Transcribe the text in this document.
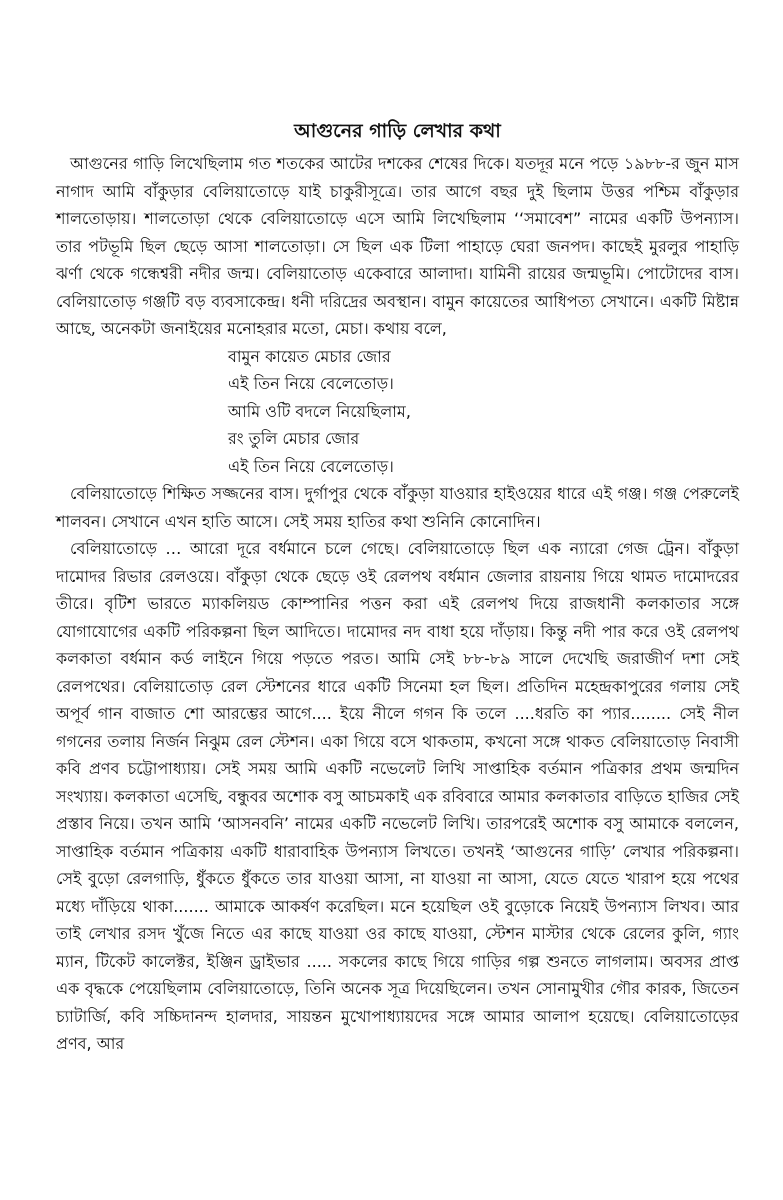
আগুনের গাড়ি লেখার কথা

আগুনের গাড়ি লিখেছিলাম গত শতকের আটের দশকের শেষের দিকে। যতদূর মনে পড়ে ১৯৮৮-র জুন মাস নাগাদ আমি বাঁকুড়ার বেলিয়াতোড়ে যাই চাকুরীসূত্রে। তার আগে বছর দুই ছিলাম উত্তর পশ্চিম বাঁকুড়ার শালতোড়ায়। শালতোড়া থেকে বেলিয়াতোড়ে এসে আমি লিখেছিলাম ‘‘সমাবেশ” নামের একটি উপন্যাস। তার পটভূমি ছিল ছেড়ে আসা শালতোড়া। সে ছিল এক টিলা পাহাড়ে ঘেরা জনপদ। কাছেই মুরলুর পাহাড়ি ঝর্ণা থেকে গন্ধেশ্বরী নদীর জন্ম। বেলিয়াতোড় একেবারে আলাদা। যামিনী রায়ের জন্মভূমি। পোটোদের বাস। বেলিয়াতোড় গঞ্জটি বড় ব্যবসাকেন্দ্র। ধনী দরিদ্রের অবস্থান। বামুন কায়েতের আধিপত্য সেখানে। একটি মিষ্টান্ন আছে, অনেকটা জনাইয়ের মনোহরার মতো, মেচা। কথায় বলে,

বামুন কায়েত মেচার জোর
এই তিন নিয়ে বেলেতোড়।
আমি ওটি বদলে নিয়েছিলাম,
রং তুলি মেচার জোর
এই তিন নিয়ে বেলেতোড়।

বেলিয়াতোড়ে শিক্ষিত সজ্জনের বাস। দুর্গাপুর থেকে বাঁকুড়া যাওয়ার হাইওয়ের ধারে এই গঞ্জ। গঞ্জ পেরুলেই শালবন। সেখানে এখন হাতি আসে। সেই সময় হাতির কথা শুনিনি কোনোদিন।

বেলিয়াতোড়ে … আরো দূরে বর্ধমানে চলে গেছে। বেলিয়াতোড়ে ছিল এক ন্যারো গেজ ট্রেন। বাঁকুড়া দামোদর রিভার রেলওয়ে। বাঁকুড়া থেকে ছেড়ে ওই রেলপথ বর্ধমান জেলার রায়নায় গিয়ে থামত দামোদরের তীরে। বৃটিশ ভারতে ম্যাকলিয়ড কোম্পানির পত্তন করা এই রেলপথ দিয়ে রাজধানী কলকাতার সঙ্গে যোগাযোগের একটি পরিকল্পনা ছিল আদিতে। দামোদর নদ বাধা হয়ে দাঁড়ায়। কিন্তু নদী পার করে ওই রেলপথ কলকাতা বর্ধমান কর্ড লাইনে গিয়ে পড়তে পরত। আমি সেই ৮৮-৮৯ সালে দেখেছি জরাজীর্ণ দশা সেই রেলপথের। বেলিয়াতোড় রেল স্টেশনের ধারে একটি সিনেমা হল ছিল। প্রতিদিন মহেন্দ্রকাপুরের গলায় সেই অপূর্ব গান বাজাত শো আরম্ভের আগে.... ইয়ে নীলে গগন কি তলে ....ধরতি কা প্যার........ সেই নীল গগনের তলায় নির্জন নিঝুম রেল স্টেশন। একা গিয়ে বসে থাকতাম, কখনো সঙ্গে থাকত বেলিয়াতোড় নিবাসী কবি প্রণব চট্টোপাধ্যায়। সেই সময় আমি একটি নভেলেট লিখি সাপ্তাহিক বর্তমান পত্রিকার প্রথম জন্মদিন সংখ্যায়। কলকাতা এসেছি, বন্ধুবর অশোক বসু আচমকাই এক রবিবারে আমার কলকাতার বাড়িতে হাজির সেই প্রস্তাব নিয়ে। তখন আমি ‘আসনবনি’ নামের একটি নভেলেট লিখি। তারপরেই অশোক বসু আমাকে বললেন, সাপ্তাহিক বর্তমান পত্রিকায় একটি ধারাবাহিক উপন্যাস লিখতে। তখনই ‘আগুনের গাড়ি’ লেখার পরিকল্পনা। সেই বুড়ো রেলগাড়ি, ধুঁকতে ধুঁকতে তার যাওয়া আসা, না যাওয়া না আসা, যেতে যেতে খারাপ হয়ে পথের মধ্যে দাঁড়িয়ে থাকা....... আমাকে আকর্ষণ করেছিল। মনে হয়েছিল ওই বুড়োকে নিয়েই উপন্যাস লিখব। আর তাই লেখার রসদ খুঁজে নিতে এর কাছে যাওয়া ওর কাছে যাওয়া, স্টেশন মাস্টার থেকে রেলের কুলি, গ্যাং ম্যান, টিকেট কালেক্টর, ইঞ্জিন ড্রাইভার ..... সকলের কাছে গিয়ে গাড়ির গল্প শুনতে লাগলাম। অবসর প্রাপ্ত এক বৃদ্ধকে পেয়েছিলাম বেলিয়াতোড়ে, তিনি অনেক সূত্র দিয়েছিলেন। তখন সোনামুখীর গৌর কারক, জিতেন চ্যাটার্জি, কবি সচ্চিদানন্দ হালদার, সায়ন্তন মুখোপাধ্যায়দের সঙ্গে আমার আলাপ হয়েছে। বেলিয়াতোড়ের প্রণব, আর
